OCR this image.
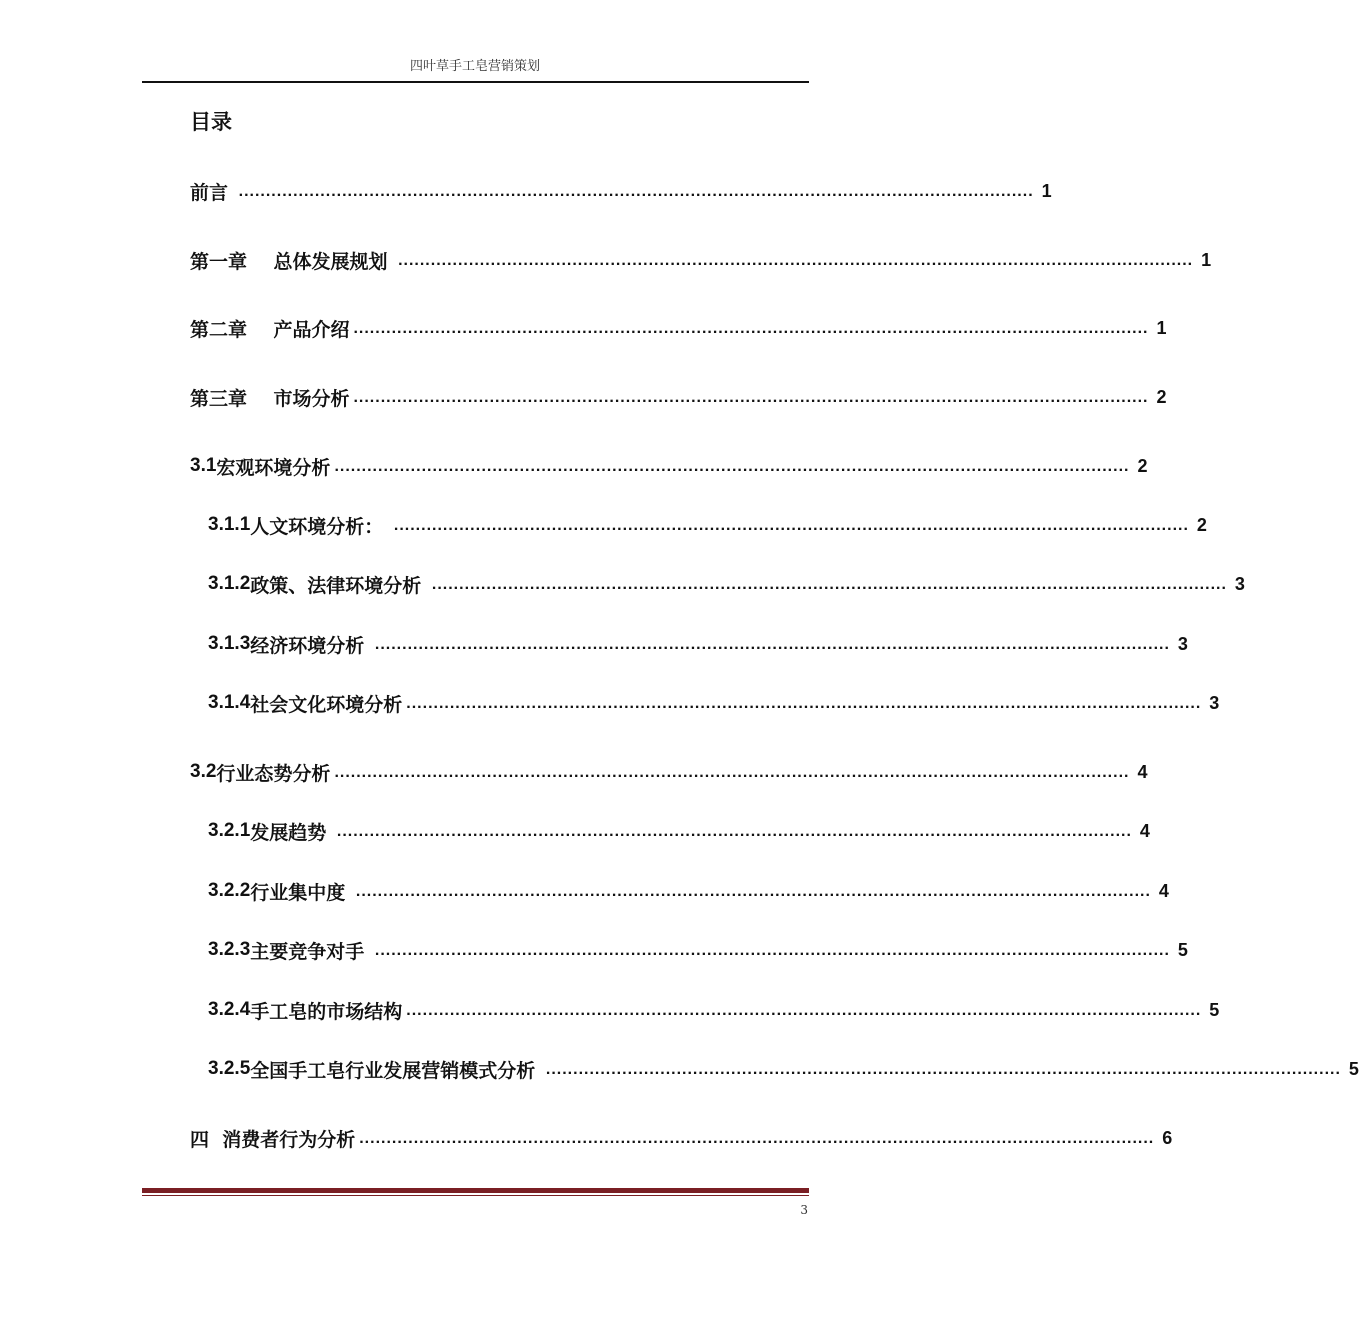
四叶草手工皂营销策划
目录
前言 .................................................................................................................................................. 1
第一章    总体发展规划 .................................................................................................................................................. 1
第二章    产品介绍 .................................................................................................................................................. 1
第三章    市场分析 .................................................................................................................................................. 2
3.1 宏观环境分析 .................................................................................................................................................. 2
3.1.1 人文环境分析： .................................................................................................................................................. 2
3.1.2 政策、法律环境分析 .................................................................................................................................................. 3
3.1.3 经济环境分析 .................................................................................................................................................. 3
3.1.4 社会文化环境分析 .................................................................................................................................................. 3
3.2 行业态势分析 .................................................................................................................................................. 4
3.2.1 发展趋势 .................................................................................................................................................. 4
3.2.2 行业集中度 .................................................................................................................................................. 4
3.2.3 主要竞争对手 .................................................................................................................................................. 5
3.2.4 手工皂的市场结构 .................................................................................................................................................. 5
3.2.5 全国手工皂行业发展营销模式分析 .................................................................................................................................................. 5
四  消费者行为分析 .................................................................................................................................................. 6
3
